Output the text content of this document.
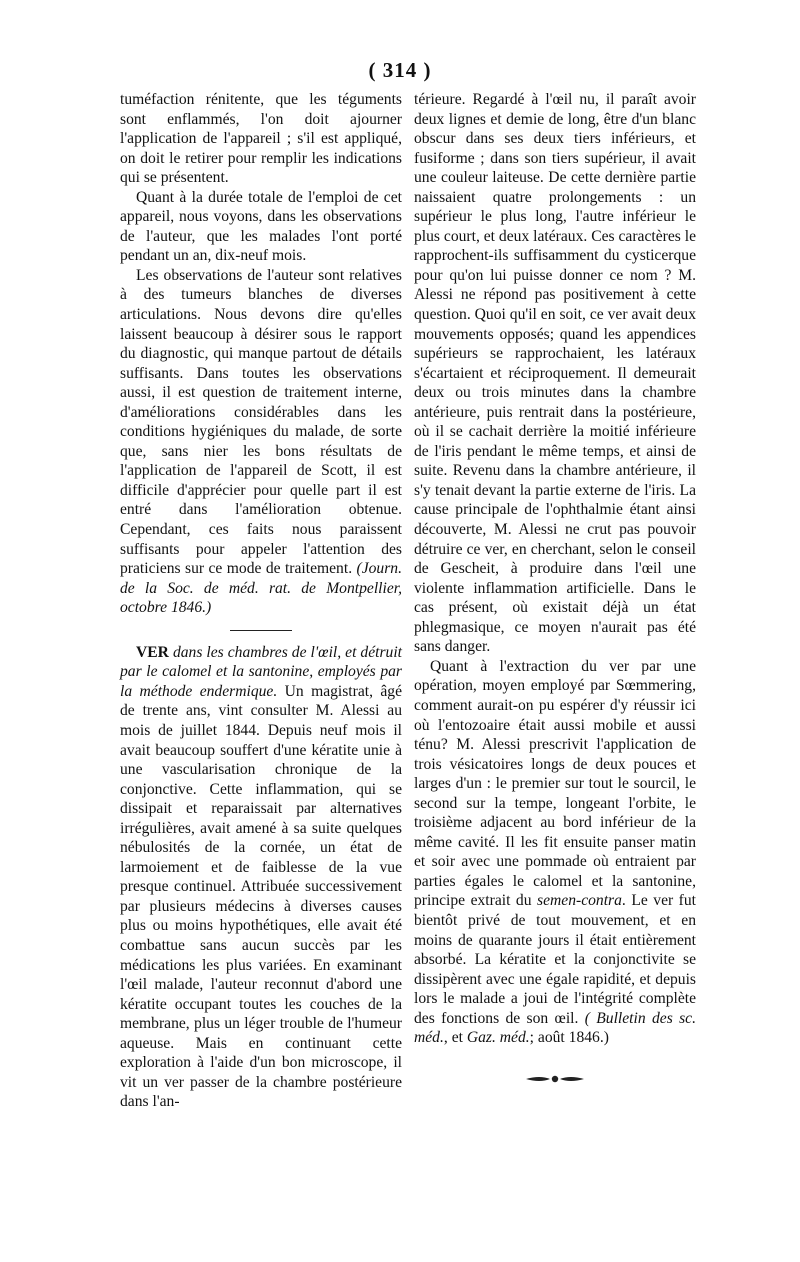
( 314 )

tuméfaction rénitente, que les téguments sont enflammés, l'on doit ajourner l'application de l'appareil ; s'il est appliqué, on doit le retirer pour remplir les indications qui se présentent.

Quant à la durée totale de l'emploi de cet appareil, nous voyons, dans les observations de l'auteur, que les malades l'ont porté pendant un an, dix-neuf mois.

Les observations de l'auteur sont relatives à des tumeurs blanches de diverses articulations. Nous devons dire qu'elles laissent beaucoup à désirer sous le rapport du diagnostic, qui manque partout de détails suffisants. Dans toutes les observations aussi, il est question de traitement interne, d'améliorations considérables dans les conditions hygiéniques du malade, de sorte que, sans nier les bons résultats de l'application de l'appareil de Scott, il est difficile d'apprécier pour quelle part il est entré dans l'amélioration obtenue. Cependant, ces faits nous paraissent suffisants pour appeler l'attention des praticiens sur ce mode de traitement. (Journ. de la Soc. de méd. rat. de Montpellier, octobre 1846.)

VER dans les chambres de l'œil, et détruit par le calomel et la santonine, employés par la méthode endermique. Un magistrat, âgé de trente ans, vint consulter M. Alessi au mois de juillet 1844. Depuis neuf mois il avait beaucoup souffert d'une kératite unie à une vascularisation chronique de la conjonctive. Cette inflammation, qui se dissipait et reparaissait par alternatives irrégulières, avait amené à sa suite quelques nébulosités de la cornée, un état de larmoiement et de faiblesse de la vue presque continuel. Attribuée successivement par plusieurs médecins à diverses causes plus ou moins hypothétiques, elle avait été combattue sans aucun succès par les médications les plus variées. En examinant l'œil malade, l'auteur reconnut d'abord une kératite occupant toutes les couches de la membrane, plus un léger trouble de l'humeur aqueuse. Mais en continuant cette exploration à l'aide d'un bon microscope, il vit un ver passer de la chambre postérieure dans l'an-

térieure. Regardé à l'œil nu, il paraît avoir deux lignes et demie de long, être d'un blanc obscur dans ses deux tiers inférieurs, et fusiforme ; dans son tiers supérieur, il avait une couleur laiteuse. De cette dernière partie naissaient quatre prolongements : un supérieur le plus long, l'autre inférieur le plus court, et deux latéraux. Ces caractères le rapprochent-ils suffisamment du cysticerque pour qu'on lui puisse donner ce nom ? M. Alessi ne répond pas positivement à cette question. Quoi qu'il en soit, ce ver avait deux mouvements opposés; quand les appendices supérieurs se rapprochaient, les latéraux s'écartaient et réciproquement. Il demeurait deux ou trois minutes dans la chambre antérieure, puis rentrait dans la postérieure, où il se cachait derrière la moitié inférieure de l'iris pendant le même temps, et ainsi de suite. Revenu dans la chambre antérieure, il s'y tenait devant la partie externe de l'iris. La cause principale de l'ophthalmie étant ainsi découverte, M. Alessi ne crut pas pouvoir détruire ce ver, en cherchant, selon le conseil de Gescheit, à produire dans l'œil une violente inflammation artificielle. Dans le cas présent, où existait déjà un état phlegmasique, ce moyen n'aurait pas été sans danger.

Quant à l'extraction du ver par une opération, moyen employé par Sœmmering, comment aurait-on pu espérer d'y réussir ici où l'entozoaire était aussi mobile et aussi ténu? M. Alessi prescrivit l'application de trois vésicatoires longs de deux pouces et larges d'un : le premier sur tout le sourcil, le second sur la tempe, longeant l'orbite, le troisième adjacent au bord inférieur de la même cavité. Il les fit ensuite panser matin et soir avec une pommade où entraient par parties égales le calomel et la santonine, principe extrait du semen-contra. Le ver fut bientôt privé de tout mouvement, et en moins de quarante jours il était entièrement absorbé. La kératite et la conjonctivite se dissipèrent avec une égale rapidité, et depuis lors le malade a joui de l'intégrité complète des fonctions de son œil. ( Bulletin des sc. méd., et Gaz. méd.; août 1846.)
